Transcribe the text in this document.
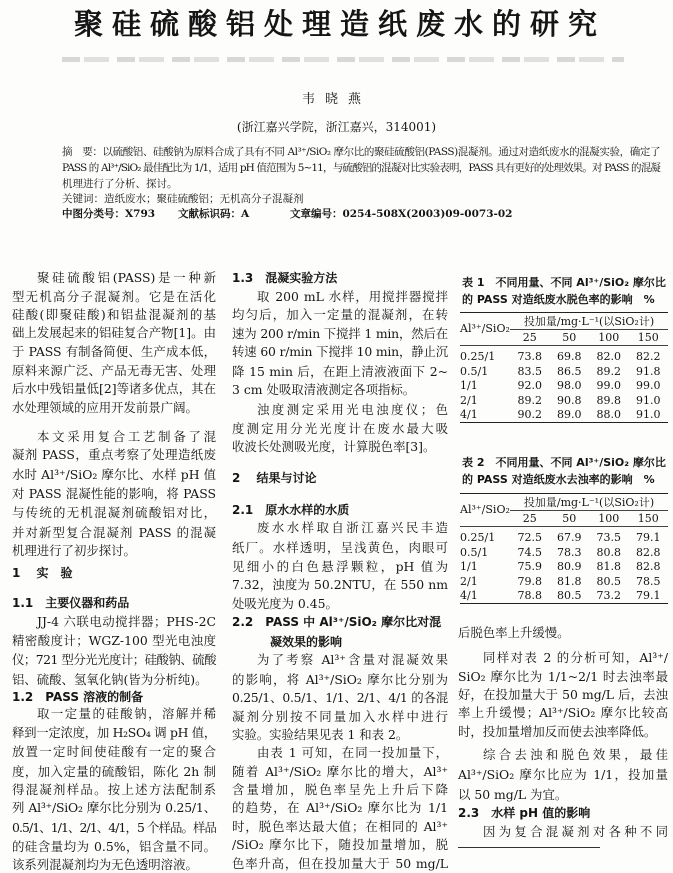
聚硅硫酸铝处理造纸废水的研究
韦晓燕
(浙江嘉兴学院，浙江嘉兴，314001)
摘　要：以硫酸铝、硅酸钠为原料合成了具有不同 Al³⁺/SiO₂ 摩尔比的聚硅硫酸铝(PASS)混凝剂。通过对造纸废水的混凝实验，确定了
PASS 的 Al³⁺/SiO₂ 最佳配比为 1/1，适用 pH 值范围为 5~11，与硫酸铝的混凝对比实验表明，PASS 具有更好的处理效果。对 PASS 的混凝
机理进行了分析、探讨。
关键词：造纸废水；聚硅硫酸铝；无机高分子混凝剂
中图分类号：X793	文献标识码：A	文章编号：0254-508X(2003)09-0073-02
聚硅硫酸铝(PASS)是一种新
型无机高分子混凝剂。它是在活化
硅酸(即聚硅酸)和铝盐混凝剂的基
础上发展起来的铝硅复合产物[1]。由
于 PASS 有制备简便、生产成本低，
原料来源广泛、产品无毒无害、处理
后水中残铝量低[2]等诸多优点，其在
水处理领域的应用开发前景广阔。
本文采用复合工艺制备了混
凝剂 PASS，重点考察了处理造纸废
水时 Al³⁺/SiO₂ 摩尔比、水样 pH 值
对 PASS 混凝性能的影响，将 PASS
与传统的无机混凝剂硫酸铝对比，
并对新型复合混凝剂 PASS 的混凝
机理进行了初步探讨。
1　 实　验
1.1　主要仪器和药品
JJ-4 六联电动搅拌器；PHS-2C
精密酸度计；WGZ-100 型光电浊度
仪；721 型分光光度计；硅酸钠、硫酸
铝、硫酸、氢氧化钠(皆为分析纯)。
1.2　PASS 溶液的制备
取一定量的硅酸钠，溶解并稀
释到一定浓度，加 H₂SO₄ 调 pH 值，
放置一定时间使硅酸有一定的聚合
度，加入定量的硫酸铝，陈化 2h 制
得混凝剂样品。按上述方法配制系
列 Al³⁺/SiO₂ 摩尔比分别为 0.25/1、
0.5/1、1/1、2/1、4/1，5 个样品。样品
的硅含量均为 0.5%，铝含量不同。
该系列混凝剂均为无色透明溶液。
1.3　混凝实验方法
取 200 mL 水样，用搅拌器搅拌
均匀后，加入一定量的混凝剂，在转
速为 200 r/min 下搅拌 1 min，然后在
转速 60 r/min 下搅拌 10 min，静止沉
降 15 min 后，在距上清液液面下 2~
3 cm 处吸取清液测定各项指标。
浊度测定采用光电浊度仪；色
度测定用分光光度计在废水最大吸
收波长处测吸光度，计算脱色率[3]。
2　 结果与讨论
2.1　原水水样的水质
废水水样取自浙江嘉兴民丰造
纸厂。水样透明，呈浅黄色，肉眼可
见细小的白色悬浮颗粒，pH 值为
7.32，浊度为 50.2NTU，在 550 nm
处吸光度为 0.45。
2.2　PASS 中 Al³⁺/SiO₂ 摩尔比对混
凝效果的影响
为了考察 Al³⁺含量对混凝效果
的影响，将 Al³⁺/SiO₂ 摩尔比分别为
0.25/1、0.5/1、1/1、2/1、4/1 的各混
凝剂分别按不同量加入水样中进行
实验。实验结果见表 1 和表 2。
由表 1 可知，在同一投加量下，
随着 Al³⁺/SiO₂ 摩尔比的增大，Al³⁺
含量增加，脱色率呈先上升后下降
的趋势，在 Al³⁺/SiO₂ 摩尔比为 1/1
时，脱色率达最大值；在相同的 Al³⁺
/SiO₂ 摩尔比下，随投加量增加，脱
色率升高，但在投加量大于 50 mg/L
后脱色率上升缓慢。
同样对表 2 的分析可知，Al³⁺/
SiO₂ 摩尔比为 1/1~2/1 时去浊率最
好，在投加量大于 50 mg/L 后，去浊
率上升缓慢；Al³⁺/SiO₂ 摩尔比较高
时，投加量增加反而使去浊率降低。
综合去浊和脱色效果，最佳
Al³⁺/SiO₂ 摩尔比应为 1/1，投加量
以 50 mg/L 为宜。
2.3　水样 pH 值的影响
因为复合混凝剂对各种不同
表 1　不同用量、不同 Al³⁺/SiO₂ 摩尔比
的 PASS 对造纸废水脱色率的影响　%
Al³⁺/SiO₂	投加量/mg·L⁻¹(以SiO₂计)			
	25	50	100	150
0.25/1	73.8	69.8	82.0	82.2
0.5/1	83.5	86.5	89.2	91.8
1/1	92.0	98.0	99.0	99.0
2/1	89.2	90.8	89.8	91.0
4/1	90.2	89.0	88.0	91.0
表 2　不同用量、不同 Al³⁺/SiO₂ 摩尔比
的 PASS 对造纸废水去浊率的影响　%
Al³⁺/SiO₂	投加量/mg·L⁻¹(以SiO₂计)			
	25	50	100	150
0.25/1	72.5	67.9	73.5	79.1
0.5/1	74.5	78.3	80.8	82.8
1/1	75.9	80.9	81.8	82.8
2/1	79.8	81.8	80.5	78.5
4/1	78.8	80.5	73.2	79.1
